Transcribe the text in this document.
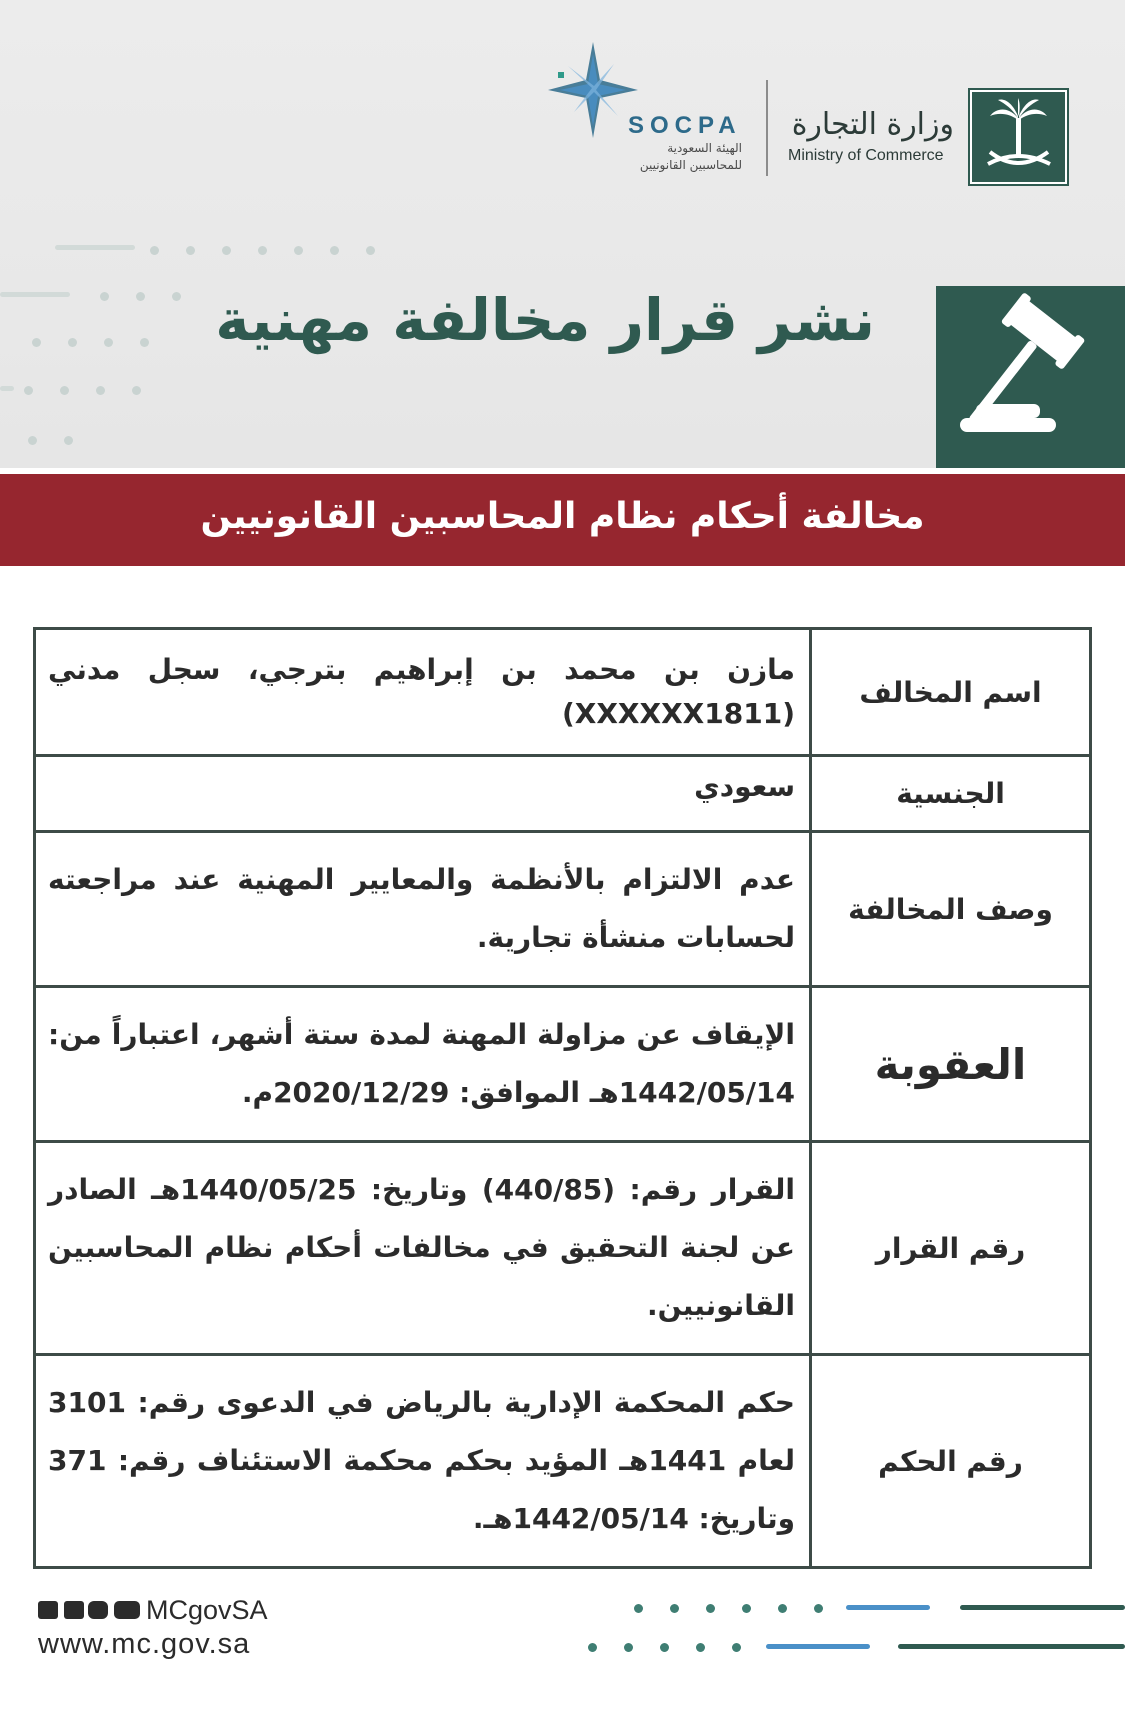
SOCPA
الهيئة السعودية
للمحاسبين القانونيين
وزارة التجارة
Ministry of Commerce
نشر قرار مخالفة مهنية
مخالفة أحكام نظام المحاسبين القانونيين
اسم المخالف	مازن بن محمد بن إبراهيم بترجي، سجل مدني (XXXXXX1811)
الجنسية	سعودي
وصف المخالفة	عدم الالتزام بالأنظمة والمعايير المهنية عند مراجعته لحسابات منشأة تجارية.
العقوبة	الإيقاف عن مزاولة المهنة لمدة ستة أشهر، اعتباراً من: 1442/05/14هـ الموافق: 2020/12/29م.
رقم القرار	القرار رقم: (440/85) وتاريخ: 1440/05/25هـ الصادر عن لجنة التحقيق في مخالفات أحكام نظام المحاسبين القانونيين.
رقم الحكم	حكم المحكمة الإدارية بالرياض في الدعوى رقم: 3101 لعام 1441هـ المؤيد بحكم محكمة الاستئناف رقم: 371 وتاريخ: 1442/05/14هـ.
MCgovSA
www.mc.gov.sa
